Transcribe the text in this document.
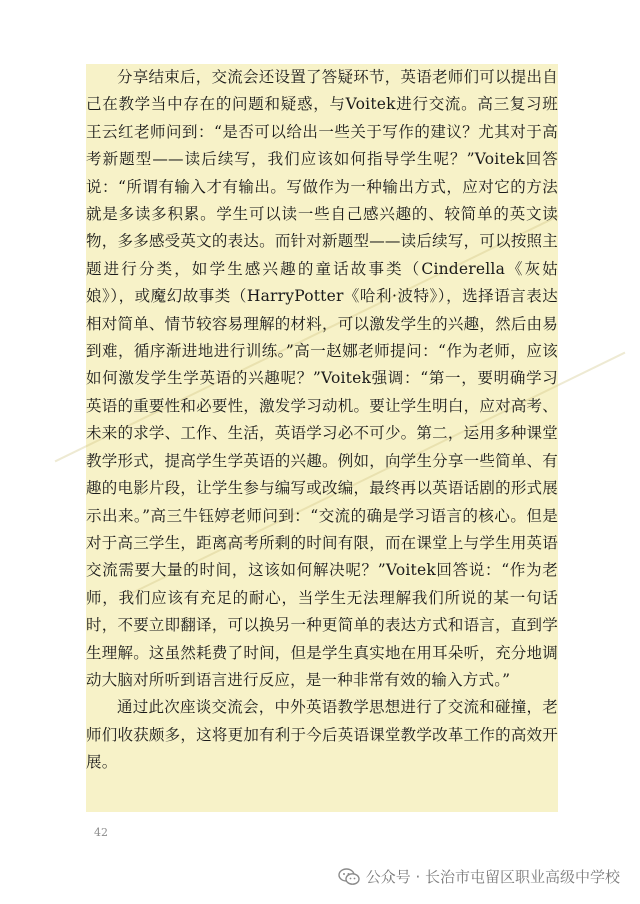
分享结束后，交流会还设置了答疑环节，英语老师们可以提出自己在教学当中存在的问题和疑惑，与Voitek进行交流。高三复习班王云红老师问到：“是否可以给出一些关于写作的建议？尤其对于高考新题型——读后续写，我们应该如何指导学生呢？”Voitek回答说：“所谓有输入才有输出。写做作为一种输出方式，应对它的方法就是多读多积累。学生可以读一些自己感兴趣的、较简单的英文读物，多多感受英文的表达。而针对新题型——读后续写，可以按照主题进行分类，如学生感兴趣的童话故事类（Cinderella《灰姑娘》），或魔幻故事类（HarryPotter《哈利·波特》），选择语言表达相对简单、情节较容易理解的材料，可以激发学生的兴趣，然后由易到难，循序渐进地进行训练。”高一赵娜老师提问：“作为老师，应该如何激发学生学英语的兴趣呢？”Voitek强调：“第一，要明确学习英语的重要性和必要性，激发学习动机。要让学生明白，应对高考、未来的求学、工作、生活，英语学习必不可少。第二，运用多种课堂教学形式，提高学生学英语的兴趣。例如，向学生分享一些简单、有趣的电影片段，让学生参与编写或改编，最终再以英语话剧的形式展示出来。”高三牛钰婷老师问到：“交流的确是学习语言的核心。但是对于高三学生，距离高考所剩的时间有限，而在课堂上与学生用英语交流需要大量的时间，这该如何解决呢？”Voitek回答说：“作为老师，我们应该有充足的耐心，当学生无法理解我们所说的某一句话时，不要立即翻译，可以换另一种更简单的表达方式和语言，直到学生理解。这虽然耗费了时间，但是学生真实地在用耳朵听，充分地调动大脑对所听到语言进行反应，是一种非常有效的输入方式。”

通过此次座谈交流会，中外英语教学思想进行了交流和碰撞，老师们收获颇多，这将更加有利于今后英语课堂教学改革工作的高效开展。

42
公众号 · 长治市屯留区职业高级中学校
